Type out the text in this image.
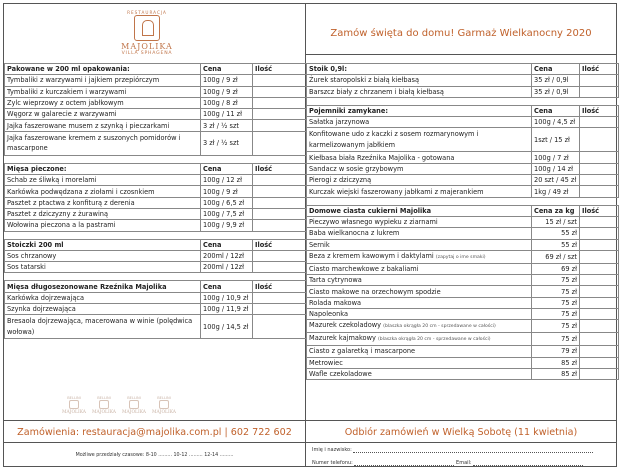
RESTAURACJA
MAJOLIKA
VILLA SPHAGENA
Pakowane w 200 ml opakowania:	Cena	Ilość
Tymbaliki z warzywami i jajkiem przepiórczym	100g / 9 zł	
Tymbaliki z kurczakiem i warzywami	100g / 9 zł	
Zylc wieprzowy z octem jabłkowym	100g / 8 zł	
Węgorz w galarecie z warzywami	100g / 11 zł	
Jajka faszerowane musem z szynką i pieczarkami	3 zł / ½ szt	
Jajka faszerowane kremem z suszonych pomidorów i mascarpone	3 zł / ½ szt	

Mięsa pieczone:	Cena	Ilość
Schab ze śliwką i morelami	100g / 12 zł	
Karkówka podwędzana z ziołami i czosnkiem	100g / 9 zł	
Pasztet z ptactwa z konfiturą z derenia	100g / 6,5 zł	
Pasztet z dziczyzny z żurawiną	100g / 7,5 zł	
Wołowina pieczona a la pastrami	100g / 9,9 zł	

Stoiczki 200 ml	Cena	Ilość
Sos chrzanowy	200ml / 12zł	
Sos tatarski	200ml / 12zł	

Mięsa długosezonowane Rzeźnika Majolika	Cena	Ilość
Karkówka dojrzewająca	100g / 10,9 zł	
Szynka dojrzewająca	100g / 11,9 zł	
Bresaola dojrzewająca, macerowana w winie (polędwica wołowa)	100g / 14,5 zł	
BELLINI
MAJOLIKA
BELLINI
MAJOLIKA
BELLINI
MAJOLIKA
BELLINI
MAJOLIKA
Zamówienia: restauracja@majolika.com.pl | 602 722 602
Możliwe przedziały czasowe: 8-10 ......... 10-12 ......... 12-14 .........
Zamów święta do domu! Garmaż Wielkanocny 2020
Stoik 0,9l:	Cena	Ilość
Żurek staropolski z białą kiełbasą	35 zł / 0,9l	
Barszcz biały z chrzanem i białą kiełbasą	35 zł / 0,9l	

Pojemniki zamykane:	Cena	Ilość
Sałatka jarzynowa	100g / 4,5 zł	
Konfitowane udo z kaczki z sosem rozmarynowym i karmelizowanym jabłkiem	1szt / 15 zł	
Kiełbasa biała Rzeźnika Majolika - gotowana	100g / 7 zł	
Sandacz w sosie grzybowym	100g / 14 zł	
Pierogi z dziczyzną	20 szt / 45 zł	
Kurczak wiejski faszerowany jabłkami z majerankiem	1kg / 49 zł	

Domowe ciasta cukierni Majolika	Cena za kg	Ilość
Pieczywo własnego wypieku z ziarnami	15 zł / szt	
Baba wielkanocna z lukrem	55 zł	
Sernik	55 zł	
Beza z kremem kawowym i daktylami (zapytaj o ime smaki)	69 zł / szt	
Ciasto marchewkowe z bakaliami	69 zł	
Tarta cytrynowa	75 zł	
Ciasto makowe na orzechowym spodzie	75 zł	
Rolada makowa	75 zł	
Napoleonka	75 zł	
Mazurek czekoladowy (blaszka okrągła 20 cm - sprzedawane w całości)	75 zł	
Mazurek kajmakowy (blaszka okrągła 20 cm - sprzedawane w całości)	75 zł	
Ciasto z galaretką i mascarpone	79 zł	
Metrowiec	85 zł	
Wafle czekoladowe	85 zł	
Odbiór zamówień w Wielką Sobotę (11 kwietnia)
Imię i nazwisko:
Numer telefonu:	Email:
